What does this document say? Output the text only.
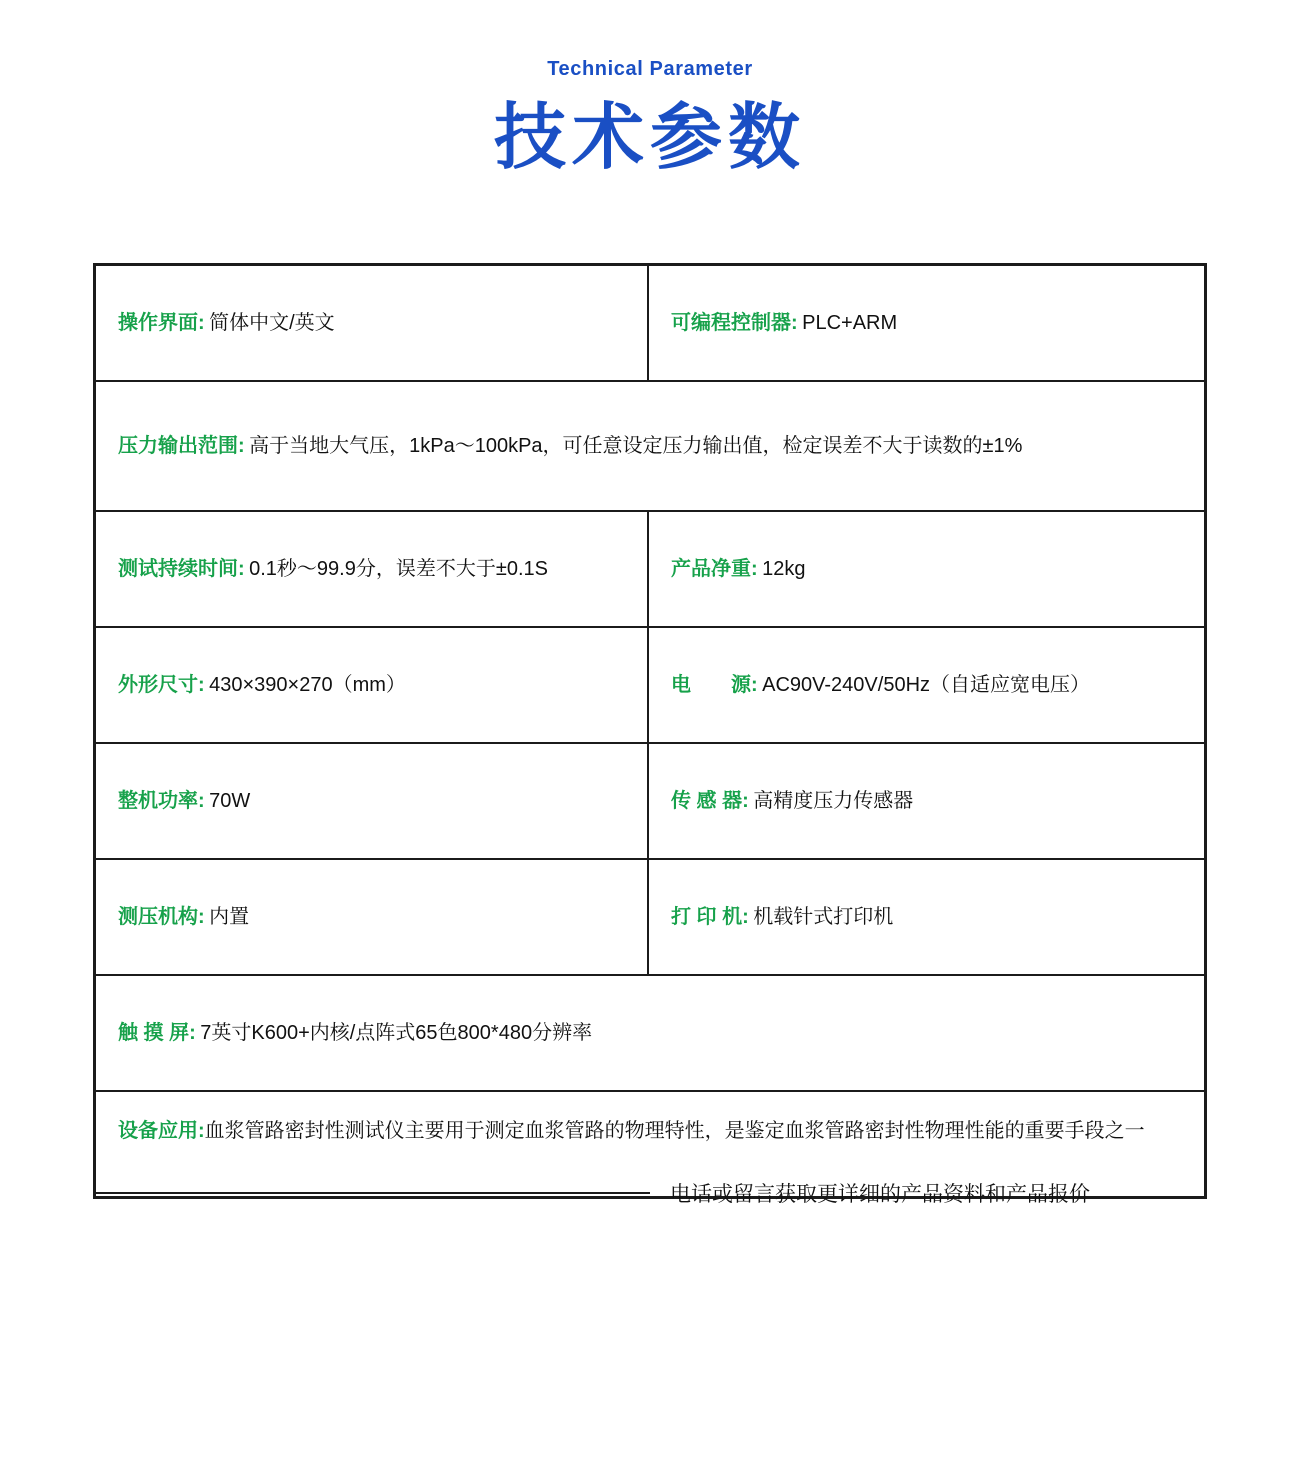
Technical Parameter
技术参数
操作界面: 简体中文/英文	可编程控制器: PLC+ARM
压力输出范围: 高于当地大气压，1kPa～100kPa，可任意设定压力输出值，检定误差不大于读数的±1%
测试持续时间: 0.1秒～99.9分，误差不大于±0.1S	产品净重: 12kg
外形尺寸: 430×390×270（mm）	电　　源: AC90V-240V/50Hz（自适应宽电压）
整机功率: 70W	传 感 器: 高精度压力传感器
测压机构: 内置	打 印 机: 机载针式打印机
触 摸 屏: 7英寸K600+内核/点阵式65色800*480分辨率
设备应用: 血浆管路密封性测试仪主要用于测定血浆管路的物理特性，是鉴定血浆管路密封性物理性能的重要手段之一
电话或留言获取更详细的产品资料和产品报价
